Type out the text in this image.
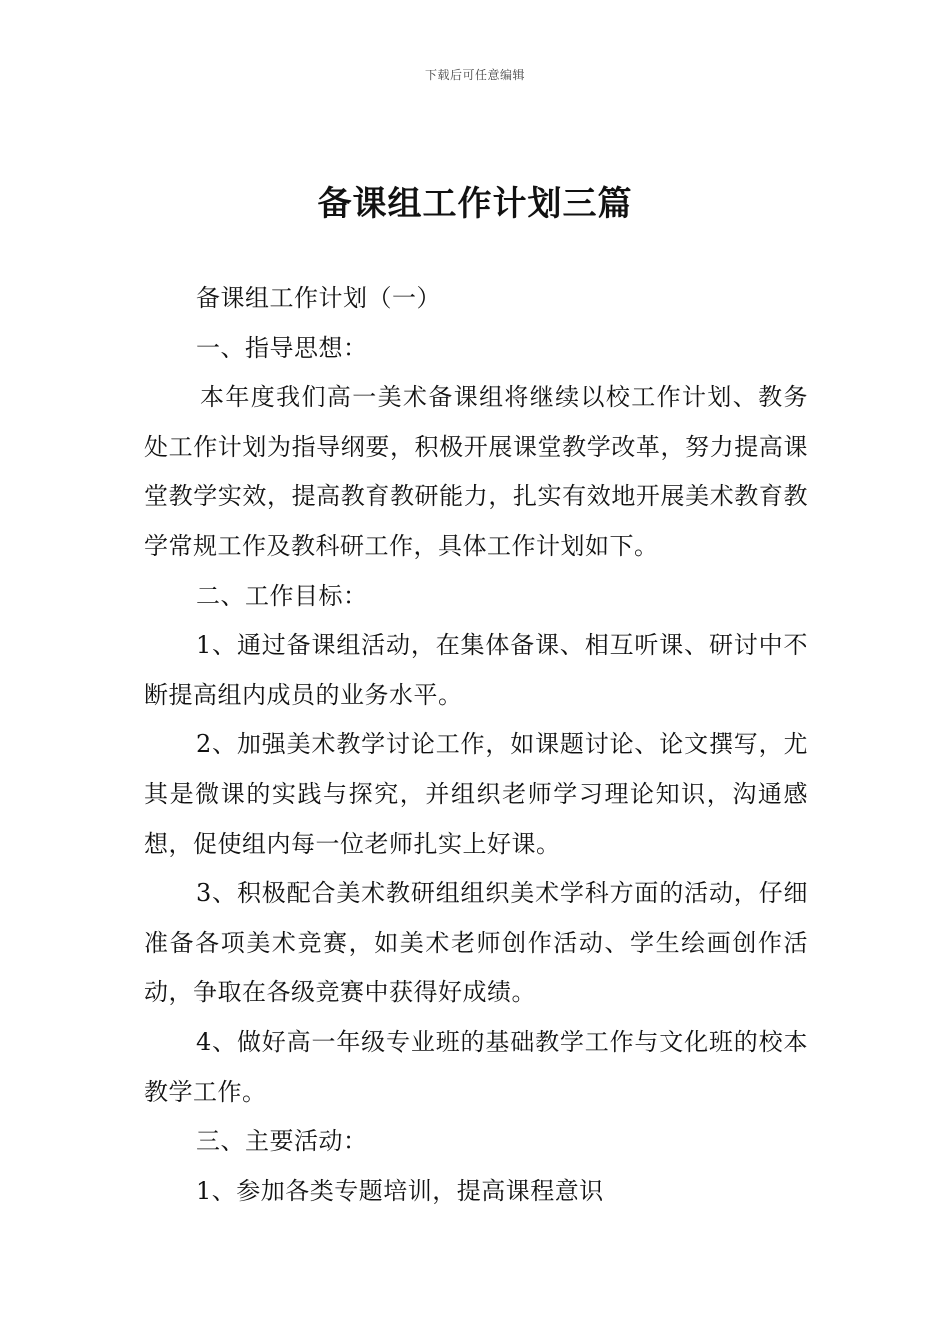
下载后可任意编辑
备课组工作计划三篇

备课组工作计划（一）

一、指导思想：

本年度我们高一美术备课组将继续以校工作计划、教务处工作计划为指导纲要，积极开展课堂教学改革，努力提高课堂教学实效，提高教育教研能力，扎实有效地开展美术教育教学常规工作及教科研工作，具体工作计划如下。

二、工作目标：

1、通过备课组活动，在集体备课、相互听课、研讨中不断提高组内成员的业务水平。

2、加强美术教学讨论工作，如课题讨论、论文撰写，尤其是微课的实践与探究，并组织老师学习理论知识，沟通感想，促使组内每一位老师扎实上好课。

3、积极配合美术教研组组织美术学科方面的活动，仔细准备各项美术竞赛，如美术老师创作活动、学生绘画创作活动，争取在各级竞赛中获得好成绩。

4、做好高一年级专业班的基础教学工作与文化班的校本教学工作。

三、主要活动：

1、参加各类专题培训，提高课程意识
